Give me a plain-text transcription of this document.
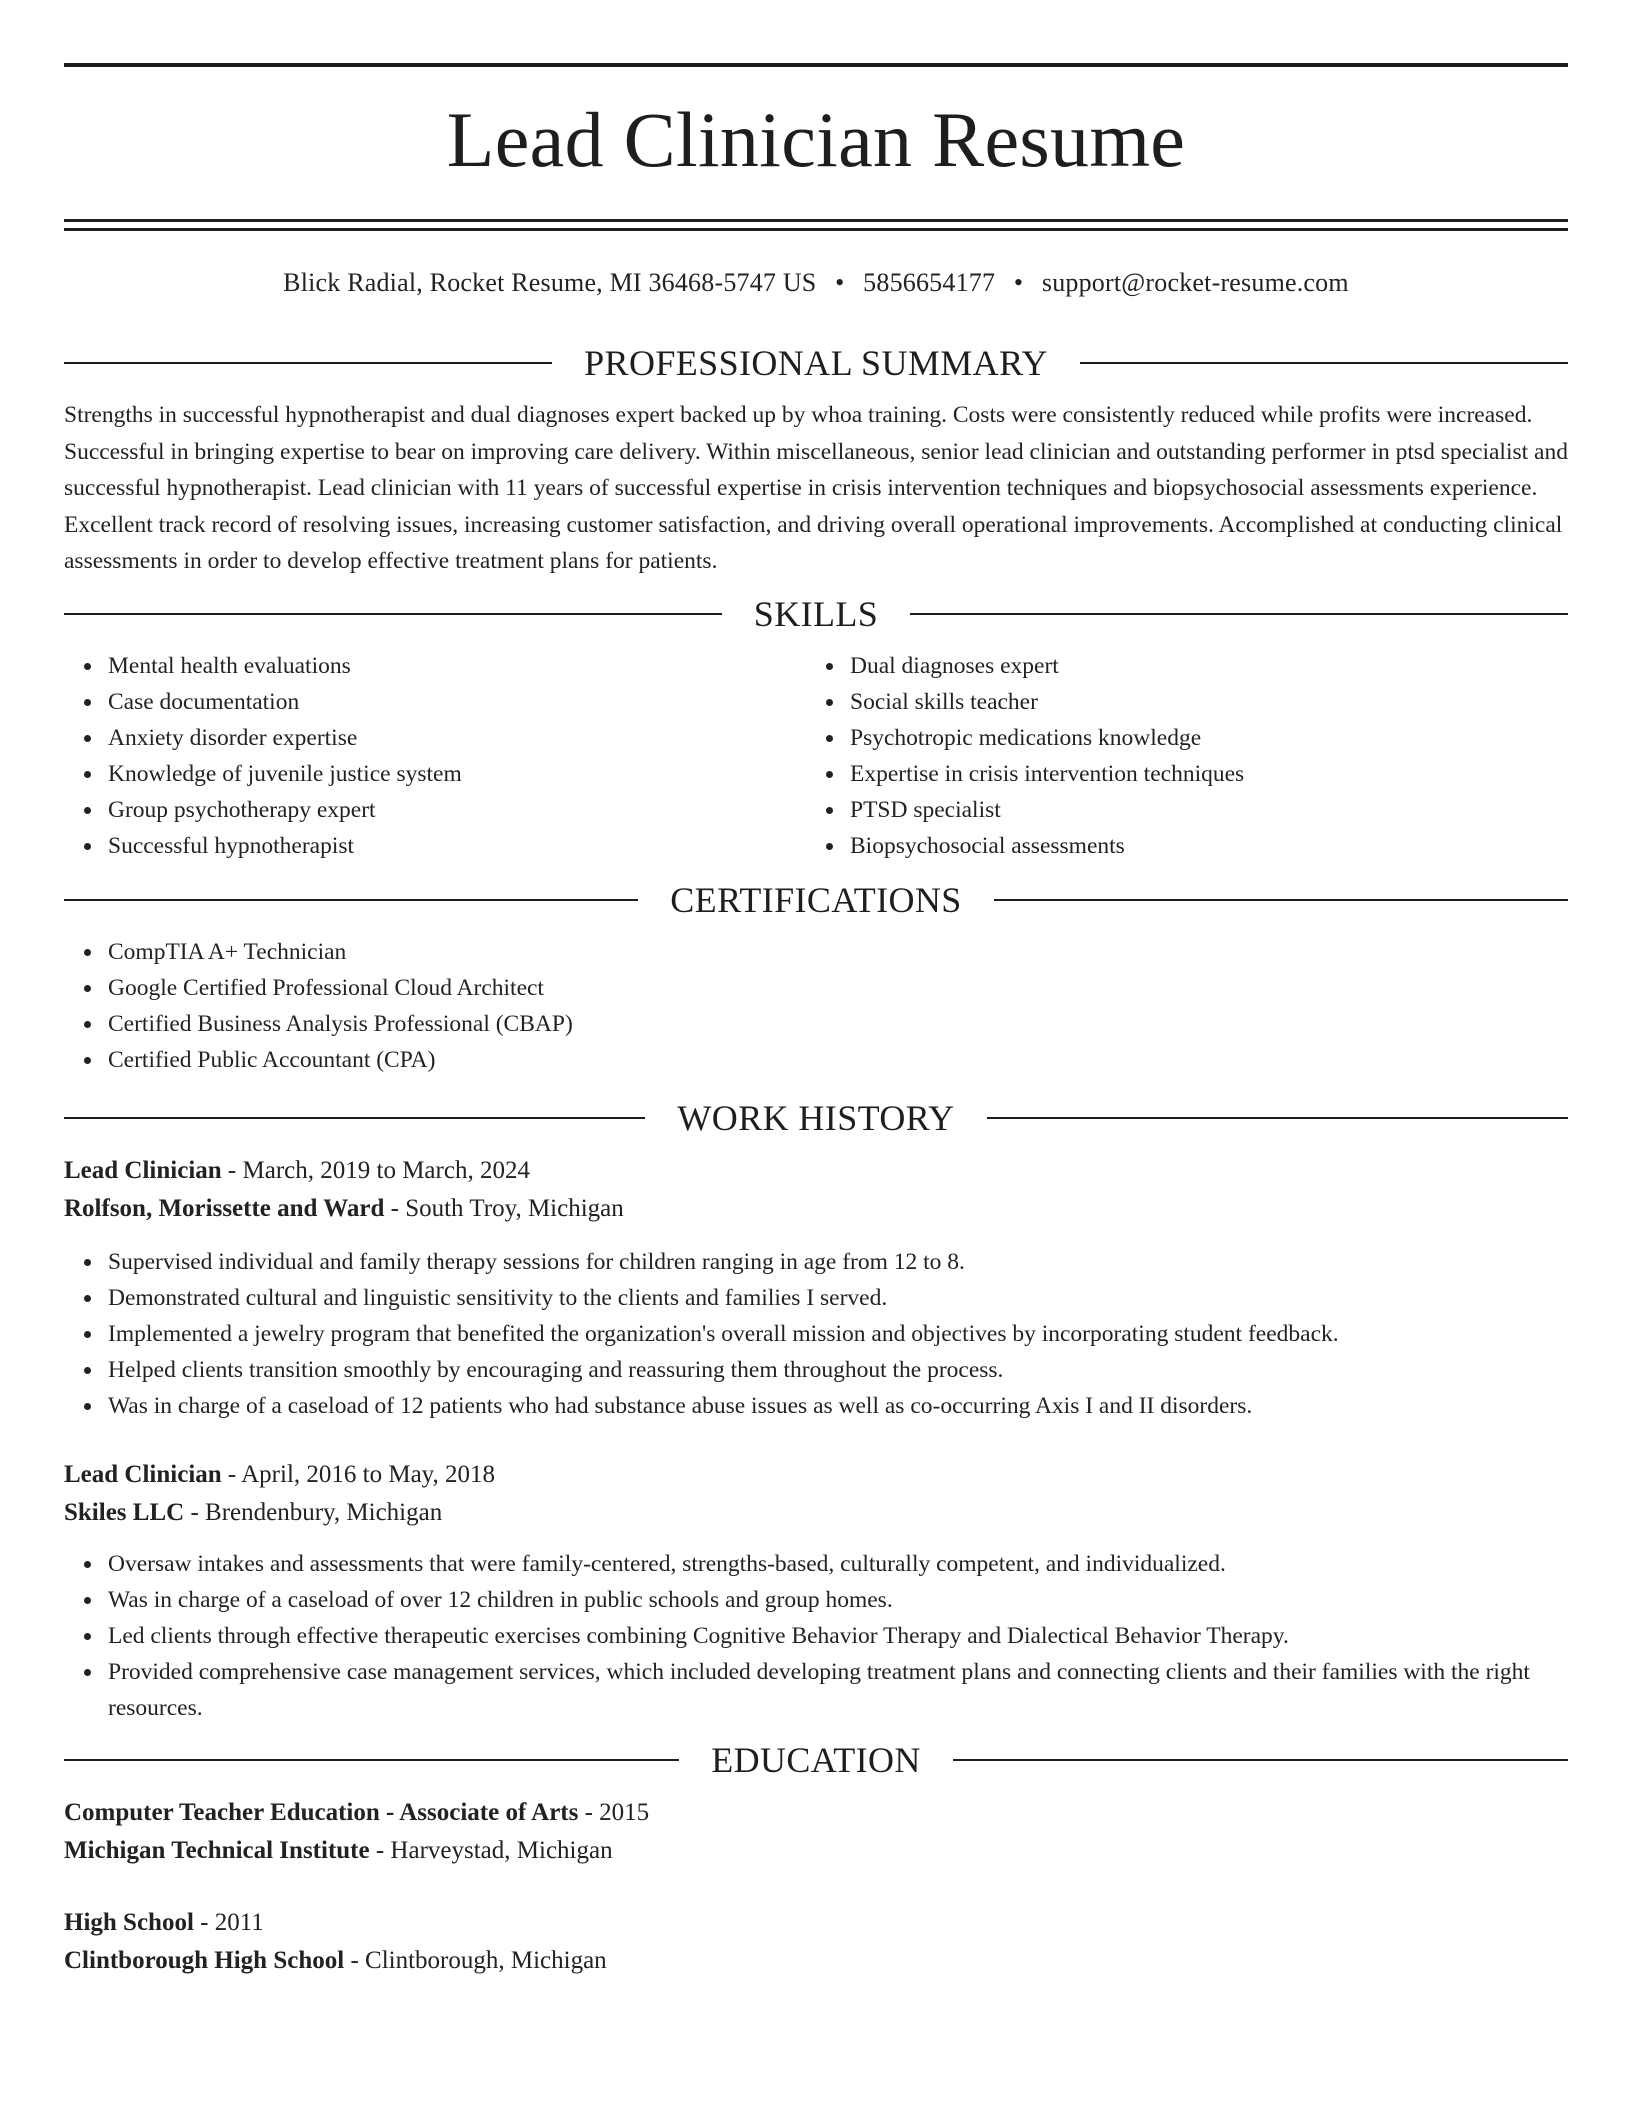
Lead Clinician Resume
Blick Radial, Rocket Resume, MI 36468-5747 US • 5856654177 • support@rocket-resume.com
PROFESSIONAL SUMMARY

Strengths in successful hypnotherapist and dual diagnoses expert backed up by whoa training. Costs were consistently reduced while profits were increased. Successful in bringing expertise to bear on improving care delivery. Within miscellaneous, senior lead clinician and outstanding performer in ptsd specialist and successful hypnotherapist. Lead clinician with 11 years of successful expertise in crisis intervention techniques and biopsychosocial assessments experience. Excellent track record of resolving issues, increasing customer satisfaction, and driving overall operational improvements. Accomplished at conducting clinical assessments in order to develop effective treatment plans for patients.

SKILLS
Mental health evaluations
Case documentation
Anxiety disorder expertise
Knowledge of juvenile justice system
Group psychotherapy expert
Successful hypnotherapist
Dual diagnoses expert
Social skills teacher
Psychotropic medications knowledge
Expertise in crisis intervention techniques
PTSD specialist
Biopsychosocial assessments
CERTIFICATIONS
CompTIA A+ Technician
Google Certified Professional Cloud Architect
Certified Business Analysis Professional (CBAP)
Certified Public Accountant (CPA)
WORK HISTORY
Lead Clinician - March, 2019 to March, 2024
Rolfson, Morissette and Ward - South Troy, Michigan
Supervised individual and family therapy sessions for children ranging in age from 12 to 8.
Demonstrated cultural and linguistic sensitivity to the clients and families I served.
Implemented a jewelry program that benefited the organization's overall mission and objectives by incorporating student feedback.
Helped clients transition smoothly by encouraging and reassuring them throughout the process.
Was in charge of a caseload of 12 patients who had substance abuse issues as well as co-occurring Axis I and II disorders.
Lead Clinician - April, 2016 to May, 2018
Skiles LLC - Brendenbury, Michigan
Oversaw intakes and assessments that were family-centered, strengths-based, culturally competent, and individualized.
Was in charge of a caseload of over 12 children in public schools and group homes.
Led clients through effective therapeutic exercises combining Cognitive Behavior Therapy and Dialectical Behavior Therapy.
Provided comprehensive case management services, which included developing treatment plans and connecting clients and their families with the right resources.
EDUCATION
Computer Teacher Education - Associate of Arts - 2015
Michigan Technical Institute - Harveystad, Michigan
High School - 2011
Clintborough High School - Clintborough, Michigan
